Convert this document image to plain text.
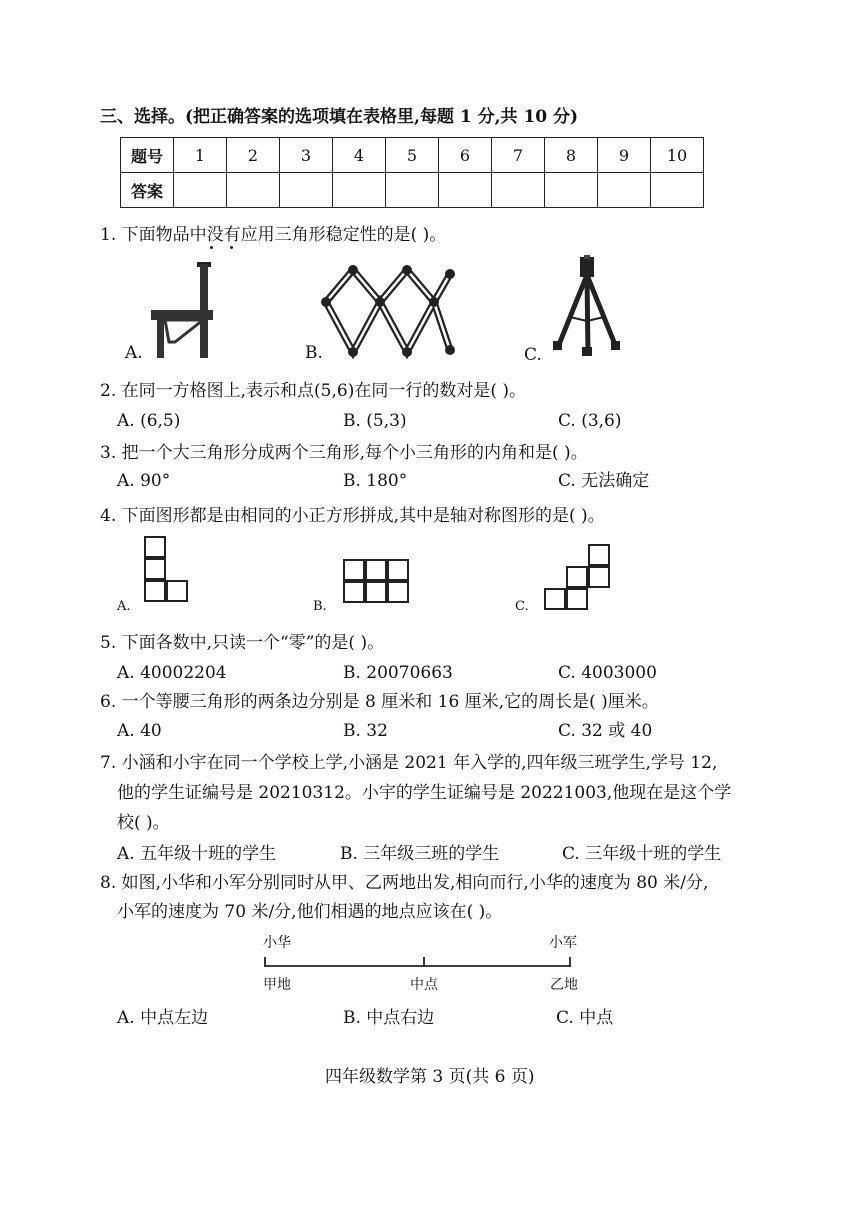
三、选择。(把正确答案的选项填在表格里,每题 1 分,共 10 分)
题号	1	2	3	4	5	6	7	8	9	10
答案										
1. 下面物品中没有应用三角形稳定性的是( )。
A.	B.	C.
2. 在同一方格图上,表示和点(5,6)在同一行的数对是( )。
A. (6,5)	B. (5,3)	C. (3,6)
3. 把一个大三角形分成两个三角形,每个小三角形的内角和是( )。
A. 90°	B. 180°	C. 无法确定
4. 下面图形都是由相同的小正方形拼成,其中是轴对称图形的是( )。
A.	B.	C.
5. 下面各数中,只读一个“零”的是( )。
A. 40002204	B. 20070663	C. 4003000
6. 一个等腰三角形的两条边分别是 8 厘米和 16 厘米,它的周长是( )厘米。
A. 40	B. 32	C. 32 或 40
7. 小涵和小宇在同一个学校上学,小涵是 2021 年入学的,四年级三班学生,学号 12,
他的学生证编号是 20210312。小宇的学生证编号是 20221003,他现在是这个学
校( )。
A. 五年级十班的学生	B. 三年级三班的学生	C. 三年级十班的学生
8. 如图,小华和小军分别同时从甲、乙两地出发,相向而行,小华的速度为 80 米/分,
小军的速度为 70 米/分,他们相遇的地点应该在( )。
小华	小军
甲地	中点	乙地
A. 中点左边	B. 中点右边	C. 中点
四年级数学第 3 页(共 6 页)
